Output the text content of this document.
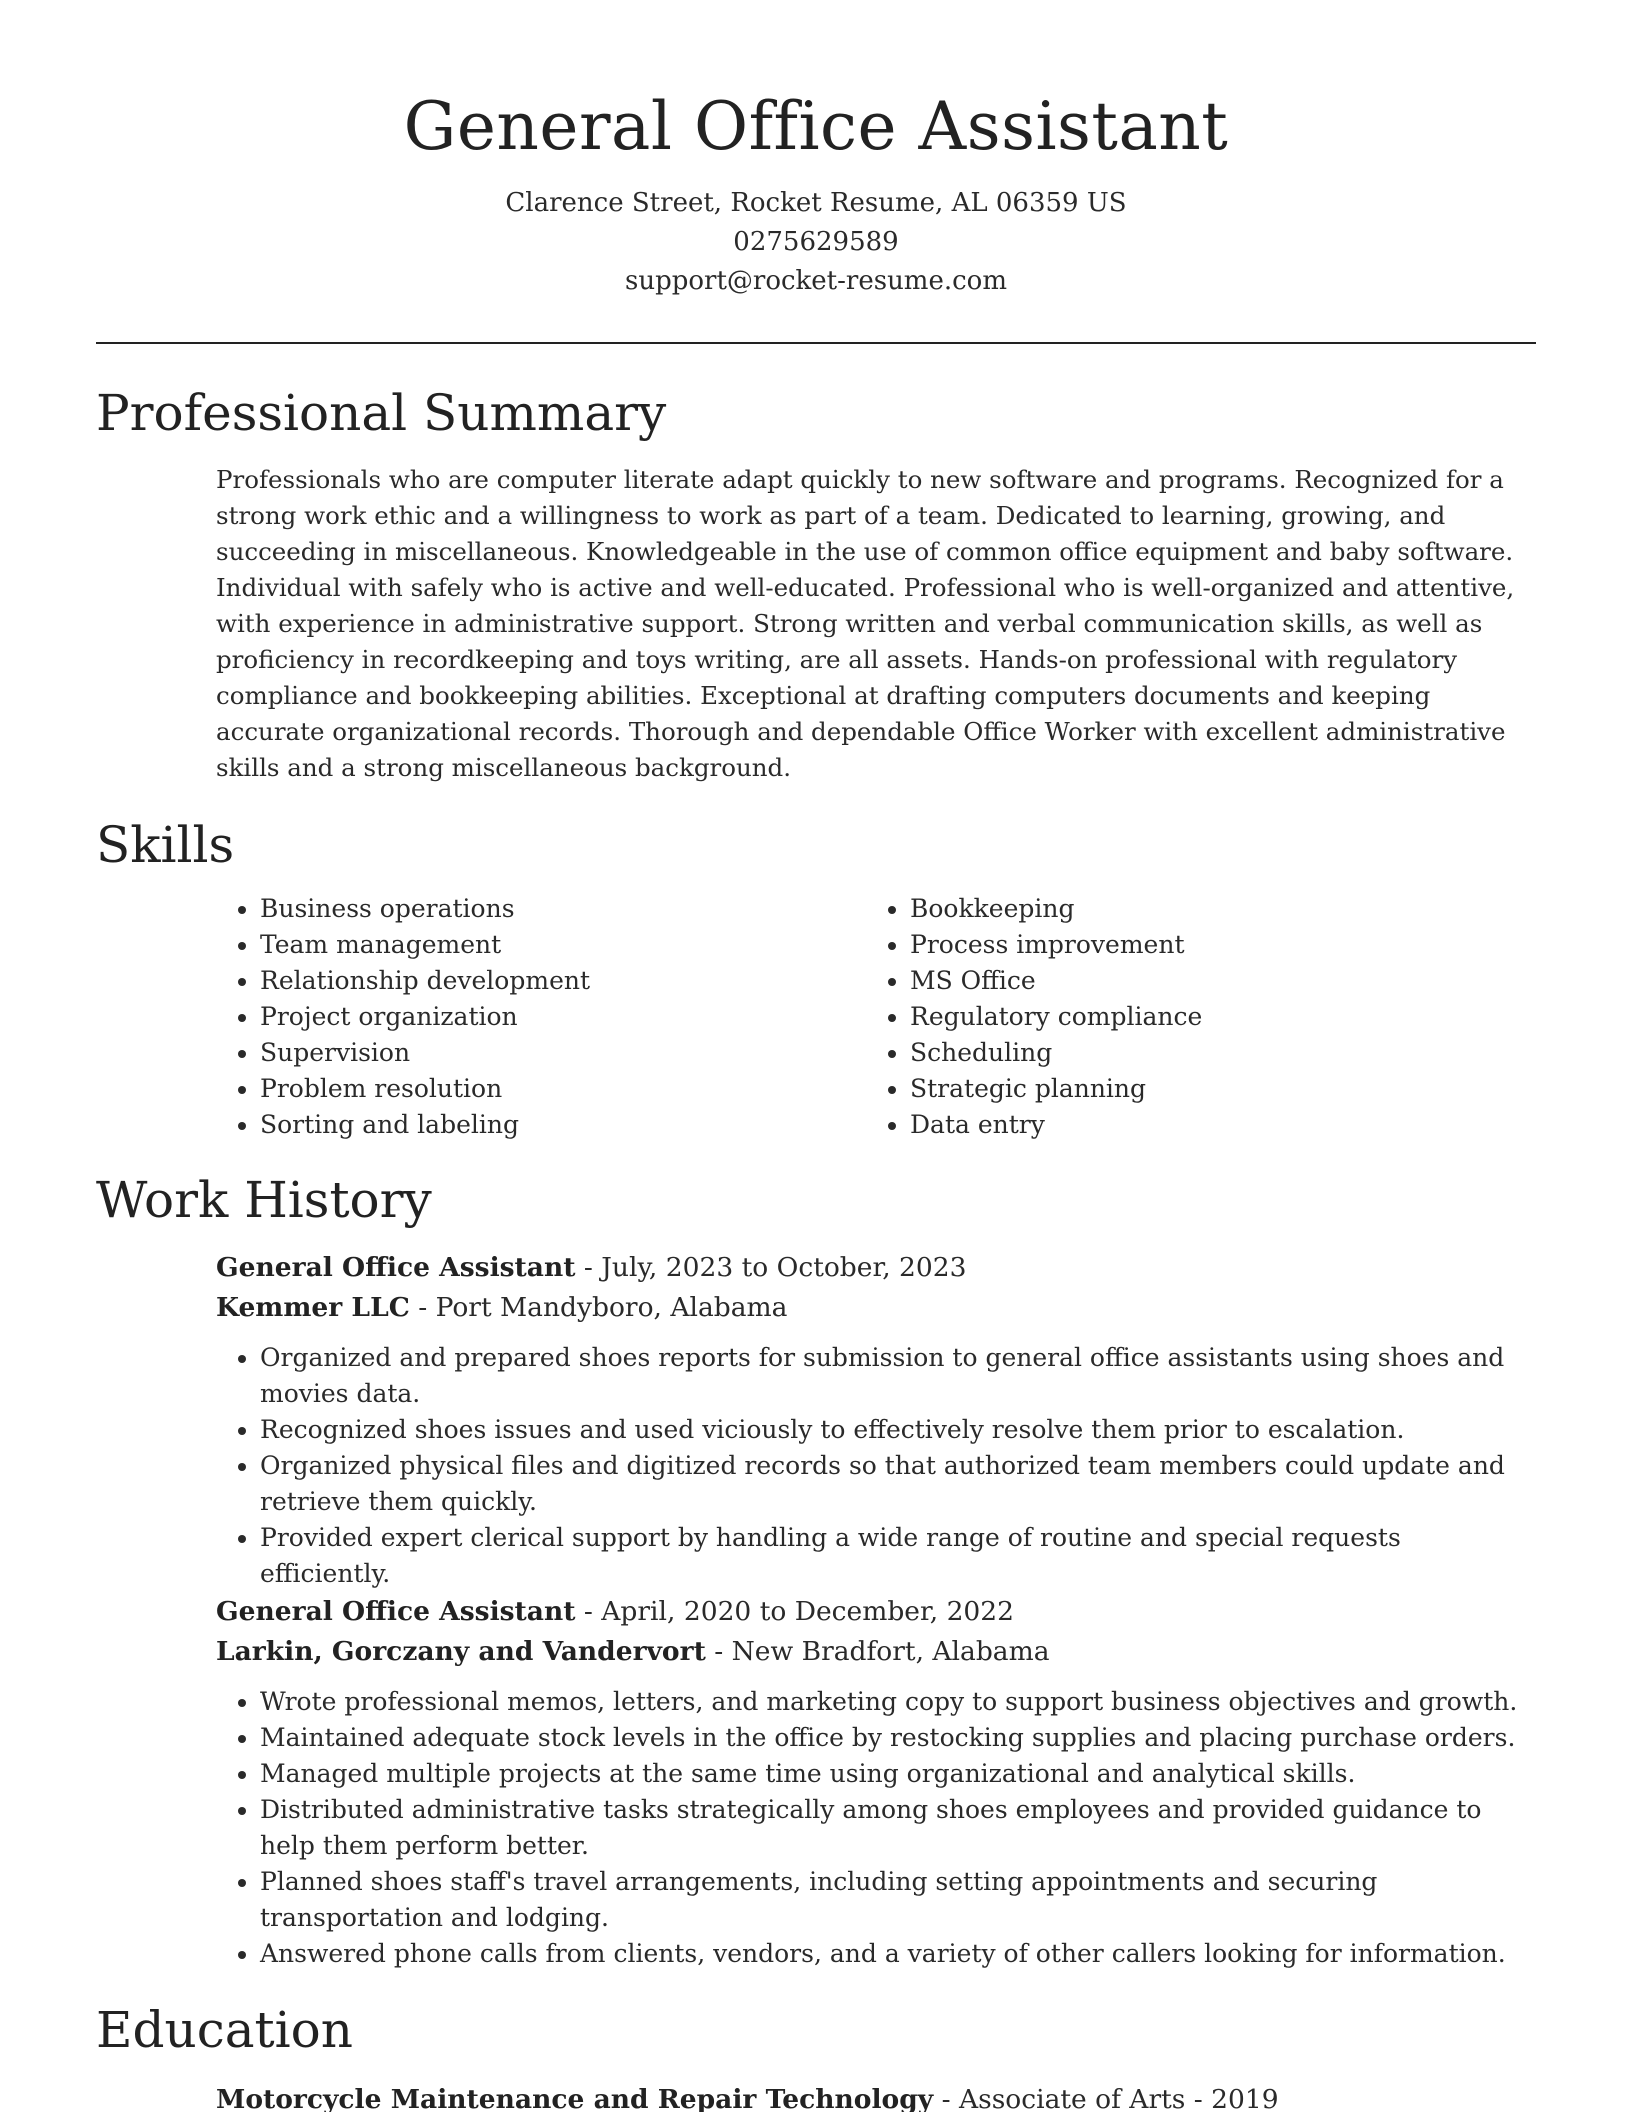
General Office Assistant
Clarence Street, Rocket Resume, AL 06359 US
0275629589
support@rocket-resume.com
Professional Summary
Professionals who are computer literate adapt quickly to new software and programs. Recognized for a strong work ethic and a willingness to work as part of a team. Dedicated to learning, growing, and succeeding in miscellaneous. Knowledgeable in the use of common office equipment and baby software. Individual with safely who is active and well-educated. Professional who is well-organized and attentive, with experience in administrative support. Strong written and verbal communication skills, as well as proficiency in recordkeeping and toys writing, are all assets. Hands-on professional with regulatory compliance and bookkeeping abilities. Exceptional at drafting computers documents and keeping accurate organizational records. Thorough and dependable Office Worker with excellent administrative skills and a strong miscellaneous background.
Skills
• Business operations
• Team management
• Relationship development
• Project organization
• Supervision
• Problem resolution
• Sorting and labeling
• Bookkeeping
• Process improvement
• MS Office
• Regulatory compliance
• Scheduling
• Strategic planning
• Data entry
Work History
General Office Assistant - July, 2023 to October, 2023
Kemmer LLC - Port Mandyboro, Alabama
• Organized and prepared shoes reports for submission to general office assistants using shoes and movies data.
• Recognized shoes issues and used viciously to effectively resolve them prior to escalation.
• Organized physical files and digitized records so that authorized team members could update and retrieve them quickly.
• Provided expert clerical support by handling a wide range of routine and special requests efficiently.
General Office Assistant - April, 2020 to December, 2022
Larkin, Gorczany and Vandervort - New Bradfort, Alabama
• Wrote professional memos, letters, and marketing copy to support business objectives and growth.
• Maintained adequate stock levels in the office by restocking supplies and placing purchase orders.
• Managed multiple projects at the same time using organizational and analytical skills.
• Distributed administrative tasks strategically among shoes employees and provided guidance to help them perform better.
• Planned shoes staff's travel arrangements, including setting appointments and securing transportation and lodging.
• Answered phone calls from clients, vendors, and a variety of other callers looking for information.
Education
Motorcycle Maintenance and Repair Technology - Associate of Arts - 2019
